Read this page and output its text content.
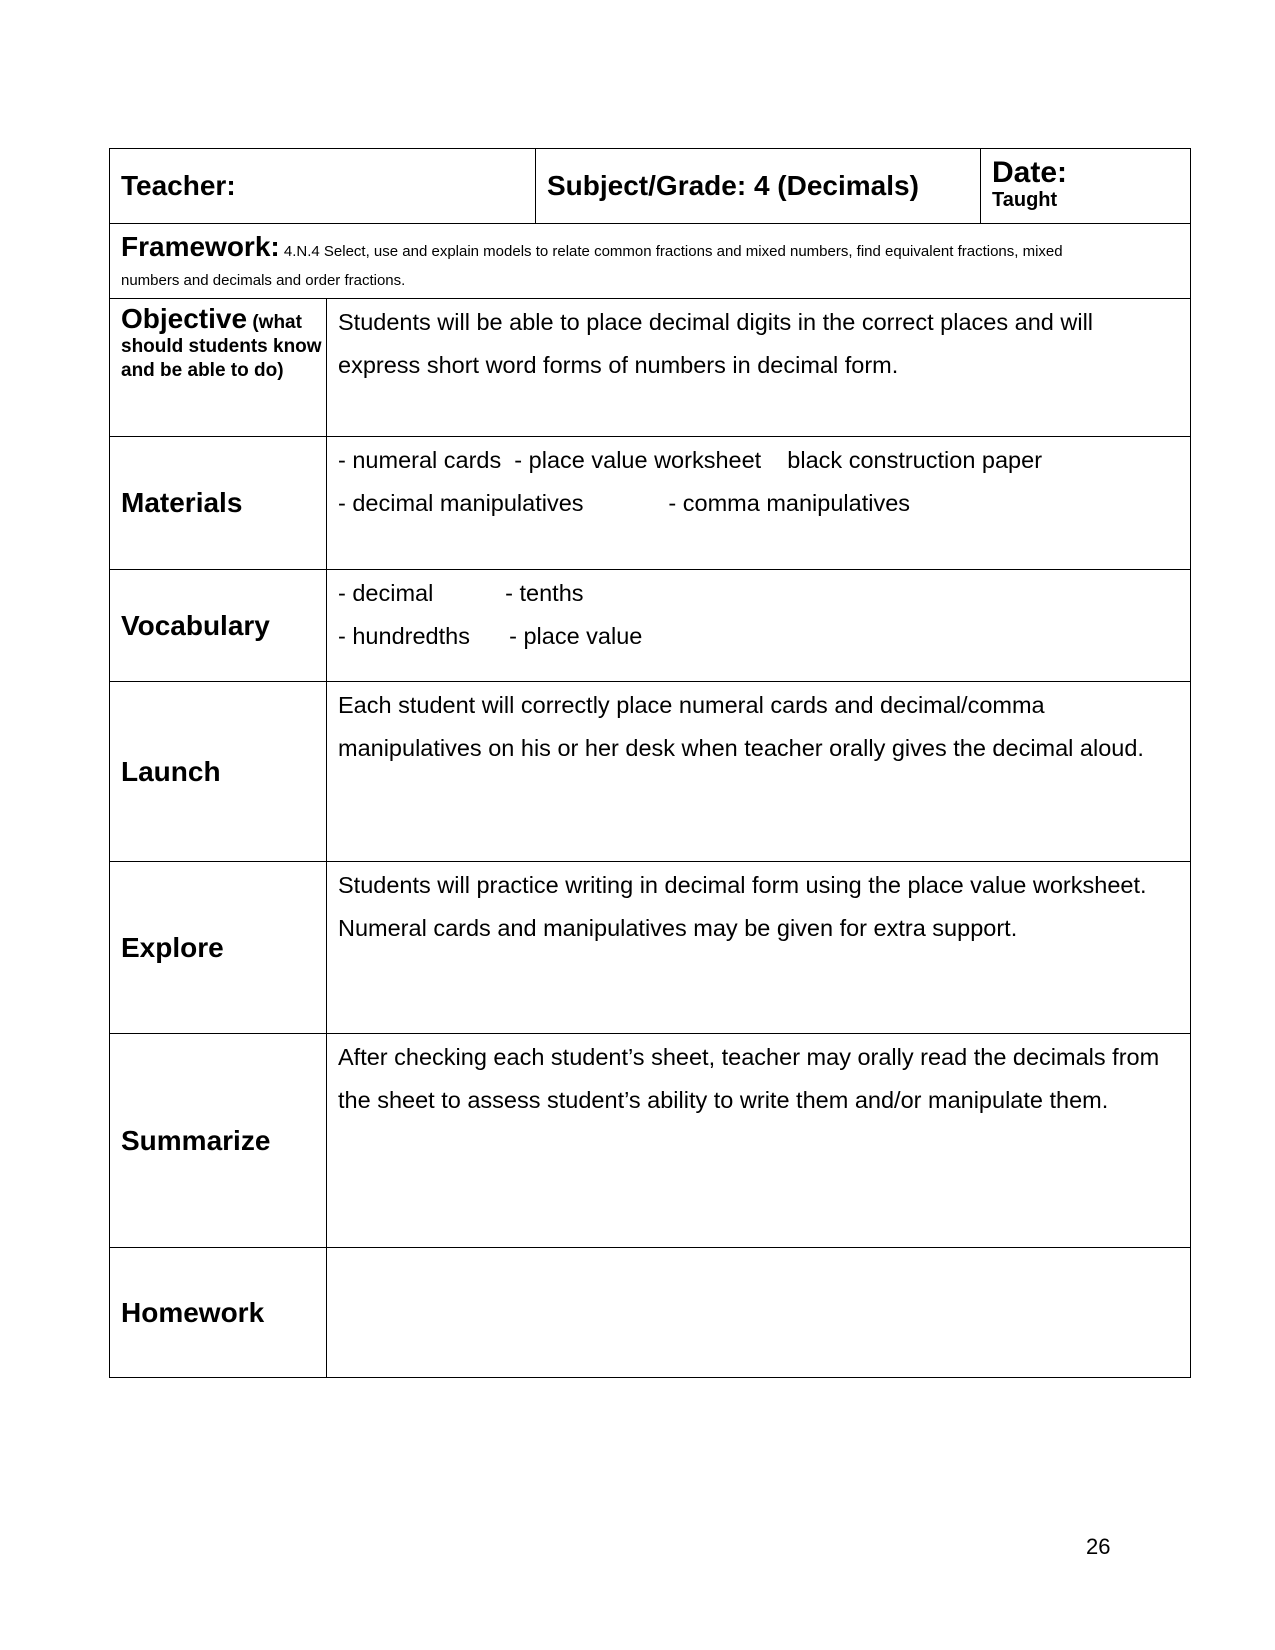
Teacher:	Subject/Grade: 4 (Decimals) Date:
Taught
Framework: 4.N.4 Select, use and explain models to relate common fractions and mixed numbers, find equivalent fractions, mixed
numbers and decimals and order fractions.
Objective (what
should students know and be able to do)

Students will be able to place decimal digits in the correct places and will express short word forms of numbers in decimal form.

Materials
- numeral cards  - place value worksheet    black construction paper
- decimal manipulatives             - comma manipulatives
Vocabulary
- decimal           - tenths
- hundredths      - place value
Launch

Each student will correctly place numeral cards and decimal/comma manipulatives on his or her desk when teacher orally gives the decimal aloud.

Explore

Students will practice writing in decimal form using the place value worksheet. Numeral cards and manipulatives may be given for extra support.

Summarize

After checking each student’s sheet, teacher may orally read the decimals from the sheet to assess student’s ability to write them and/or manipulate them.

Homework

26
